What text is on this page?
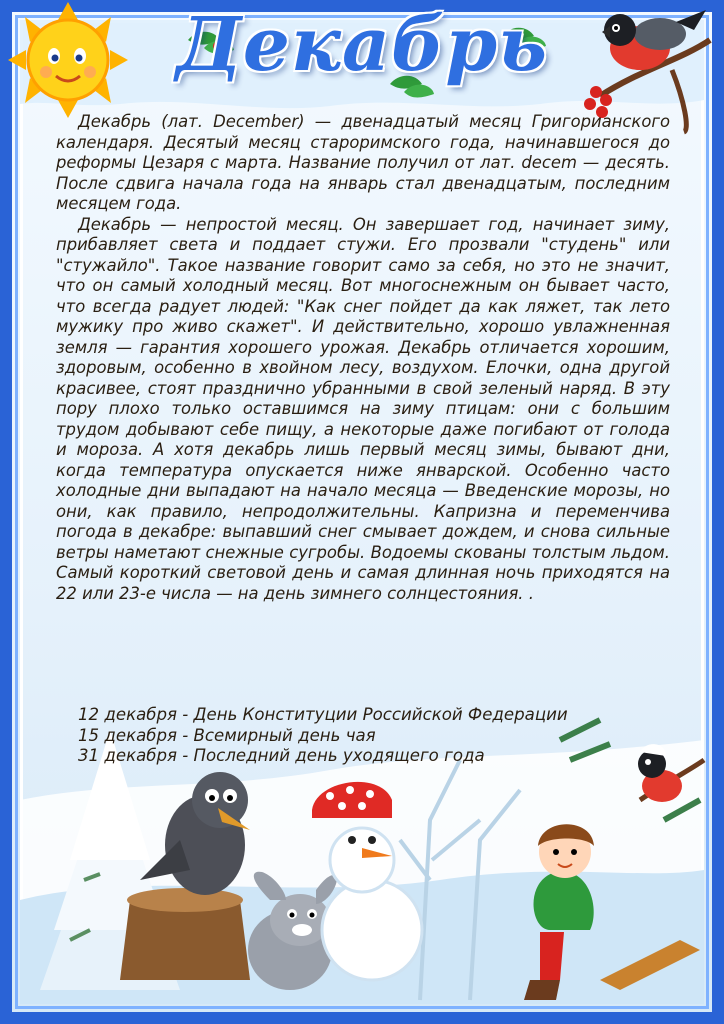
Декабрь

Декабрь (лат. December) — двенадцатый месяц Григорианского календаря. Десятый месяц староримского года, начинавшегося до реформы Цезаря с марта. Название получил от лат. decem — десять. После сдвига начала года на январь стал двенадцатым, последним месяцем года.

Декабрь — непростой месяц. Он завершает год, начинает зиму, прибавляет света и поддает стужи. Его прозвали "студень" или "стужайло". Такое название говорит само за себя, но это не значит, что он самый холодный месяц. Вот многоснежным он бывает часто, что всегда радует людей: "Как снег пойдет да как ляжет, так лето мужику про живо скажет". И действительно, хорошо увлажненная земля — гарантия хорошего урожая. Декабрь отличается хорошим, здоровым, особенно в хвойном лесу, воздухом. Елочки, одна другой красивее, стоят празднично убранными в свой зеленый наряд. В эту пору плохо только оставшимся на зиму птицам: они с большим трудом добывают себе пищу, а некоторые даже погибают от голода и мороза. А хотя декабрь лишь первый месяц зимы, бывают дни, когда температура опускается ниже январской. Особенно часто холодные дни выпадают на начало месяца — Введенские морозы, но они, как правило, непродолжительны. Капризна и переменчива погода в декабре: выпавший снег смывает дождем, и снова сильные ветры наметают снежные сугробы. Водоемы скованы толстым льдом. Самый короткий световой день и самая длинная ночь приходятся на 22 или 23-е числа — на день зимнего солнцестояния. .

12 декабря - День Конституции Российской Федерации
15 декабря - Всемирный день чая
31 декабря - Последний день уходящего года
